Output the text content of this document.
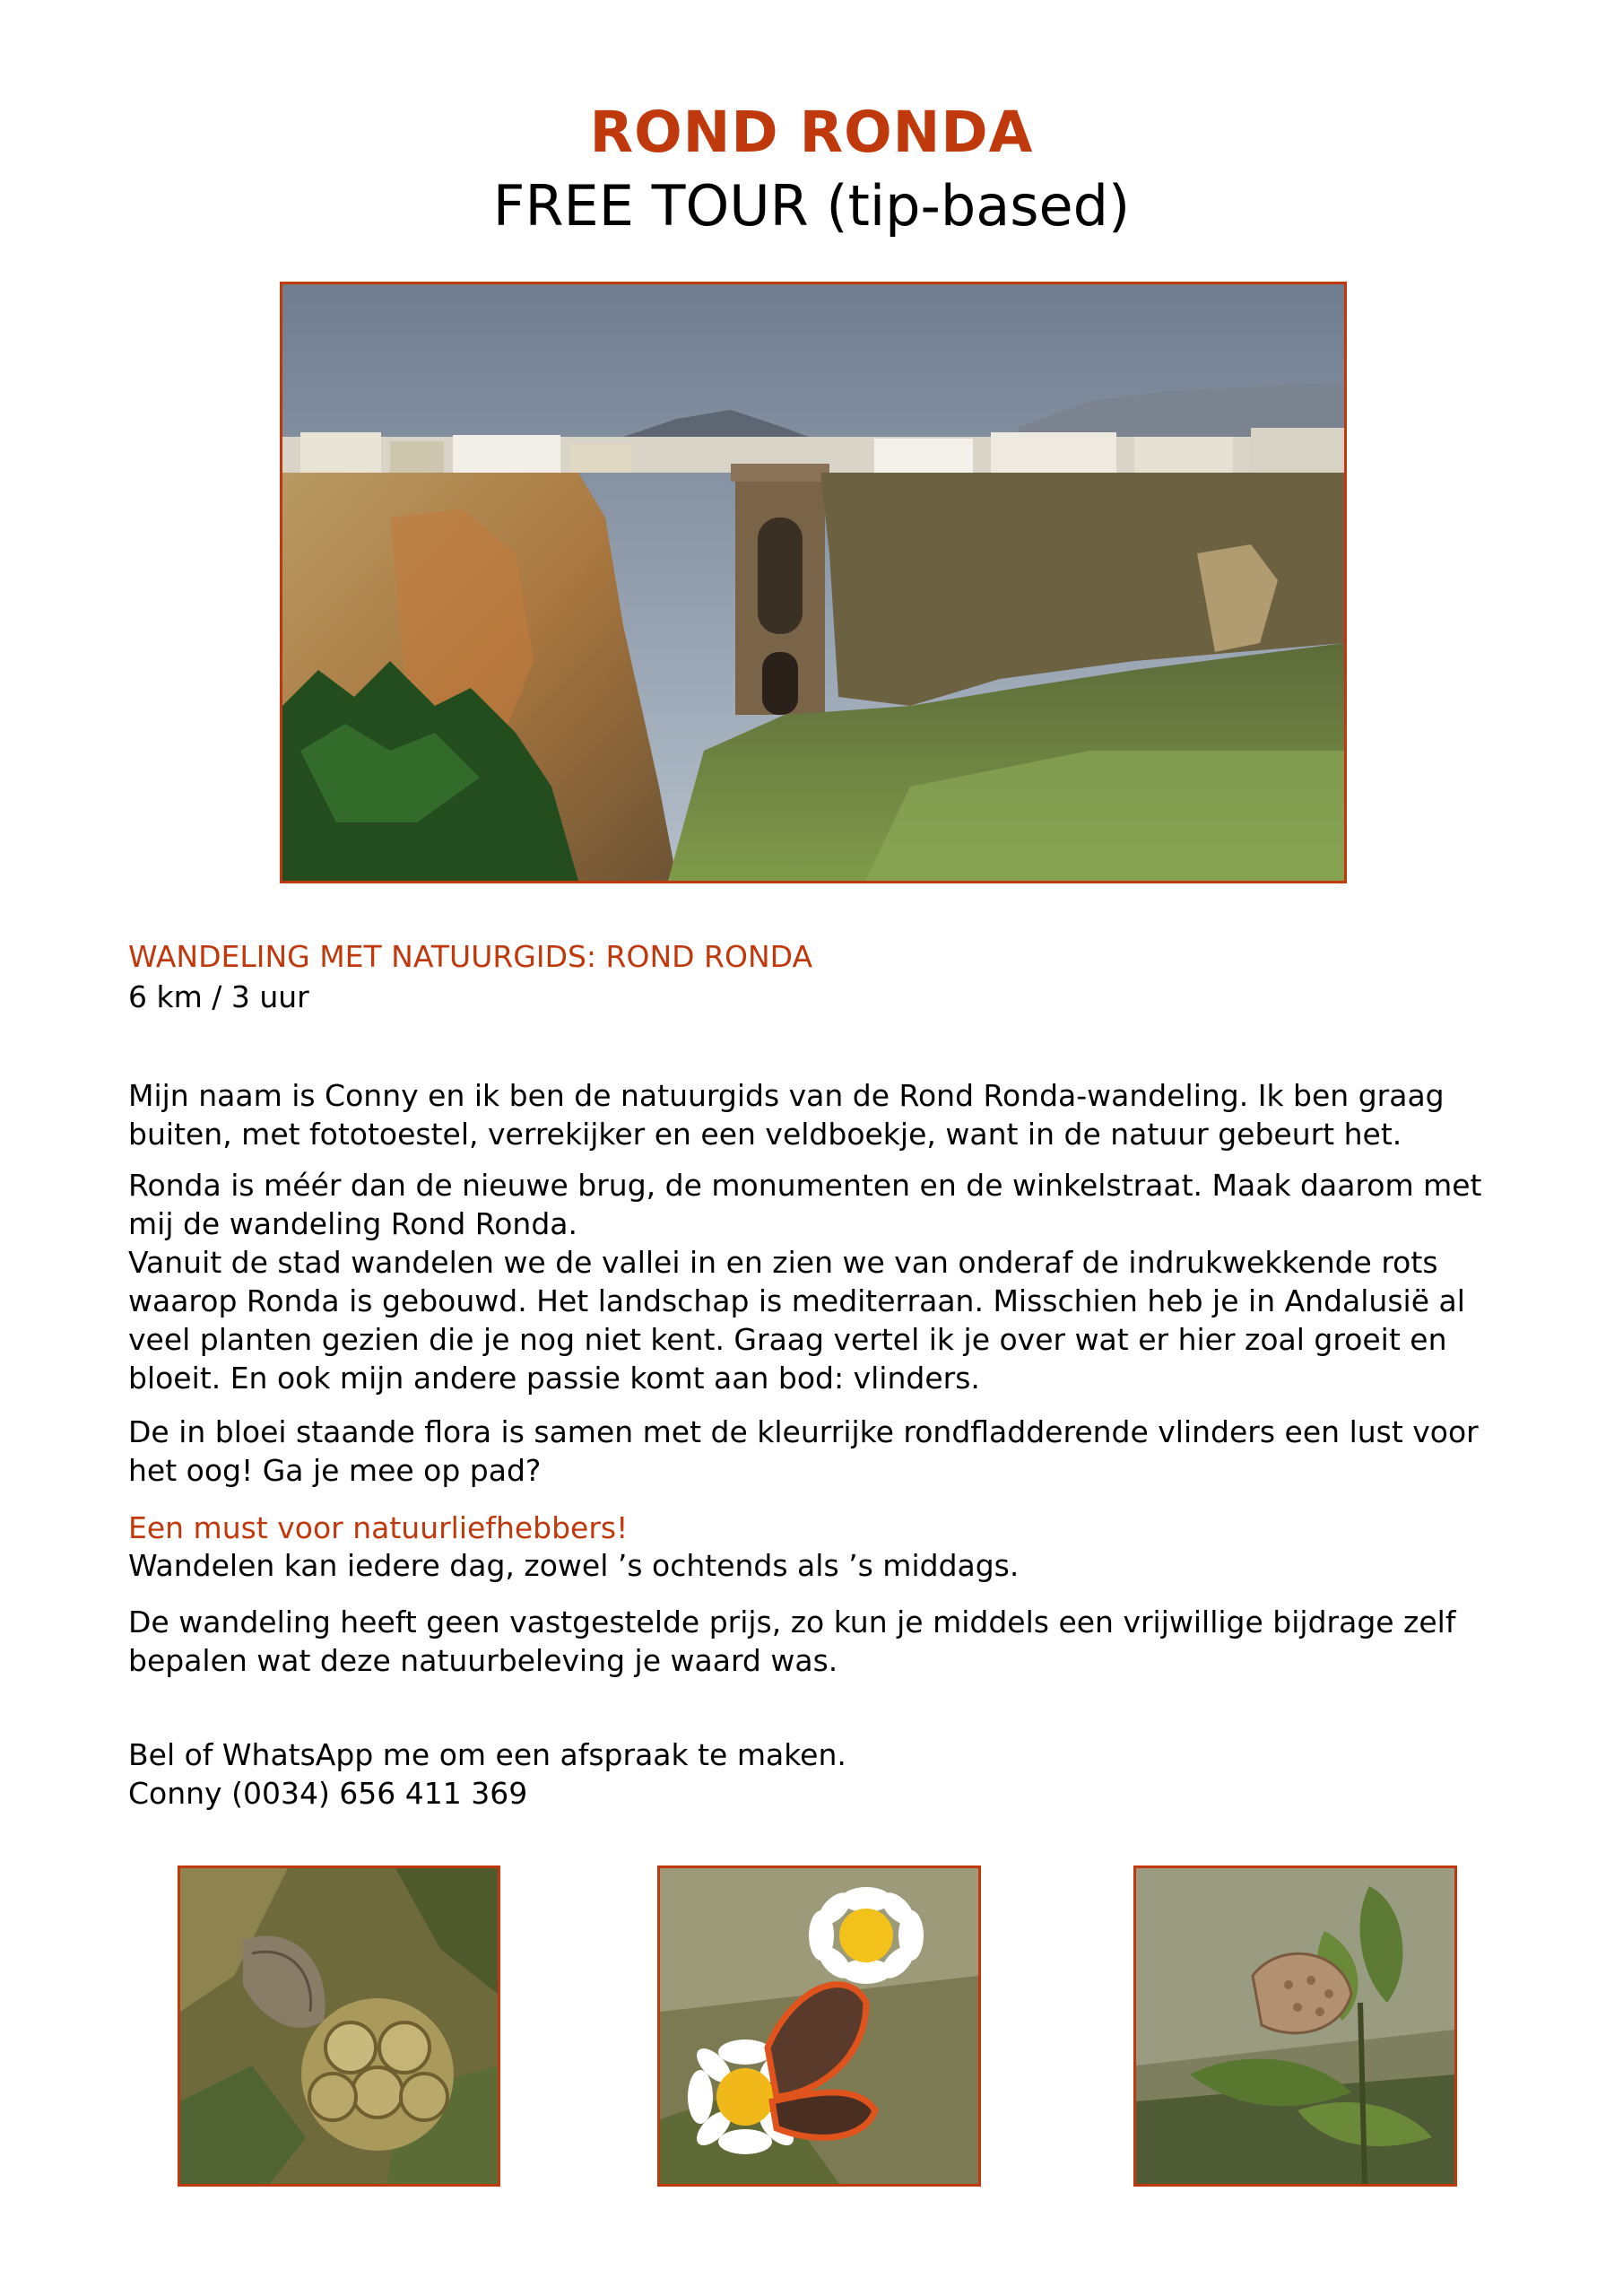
ROND RONDA
FREE TOUR (tip-based)
WANDELING MET NATUURGIDS: ROND RONDA
6 km / 3 uur
Mijn naam is Conny en ik ben de natuurgids van de Rond Ronda-wandeling. Ik ben graag
buiten, met fototoestel, verrekijker en een veldboekje, want in de natuur gebeurt het.
Ronda is méér dan de nieuwe brug, de monumenten en de winkelstraat. Maak daarom met
mij de wandeling Rond Ronda.
Vanuit de stad wandelen we de vallei in en zien we van onderaf de indrukwekkende rots
waarop Ronda is gebouwd. Het landschap is mediterraan. Misschien heb je in Andalusië al
veel planten gezien die je nog niet kent. Graag vertel ik je over wat er hier zoal groeit en
bloeit. En ook mijn andere passie komt aan bod: vlinders.
De in bloei staande flora is samen met de kleurrijke rondfladderende vlinders een lust voor
het oog! Ga je mee op pad?
Een must voor natuurliefhebbers!
Wandelen kan iedere dag, zowel ’s ochtends als ’s middags.
De wandeling heeft geen vastgestelde prijs, zo kun je middels een vrijwillige bijdrage zelf
bepalen wat deze natuurbeleving je waard was.
Bel of WhatsApp me om een afspraak te maken.
Conny (0034) 656 411 369
